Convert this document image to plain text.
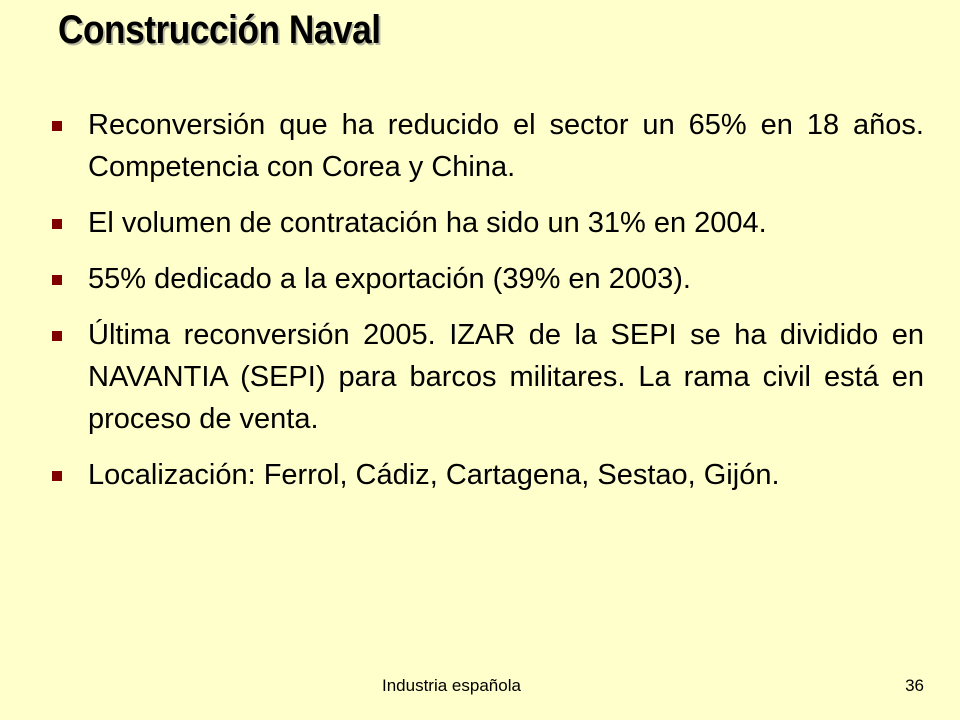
Construcción Naval
Reconversión que ha reducido el sector un 65% en 18 años. Competencia con Corea y China.
El volumen de contratación ha sido un 31% en 2004.
55% dedicado a la exportación (39% en 2003).
Última reconversión 2005. IZAR de la SEPI se ha dividido en NAVANTIA (SEPI) para barcos militares. La rama civil está en proceso de venta.
Localización: Ferrol, Cádiz, Cartagena, Sestao, Gijón.
Industria española	36
